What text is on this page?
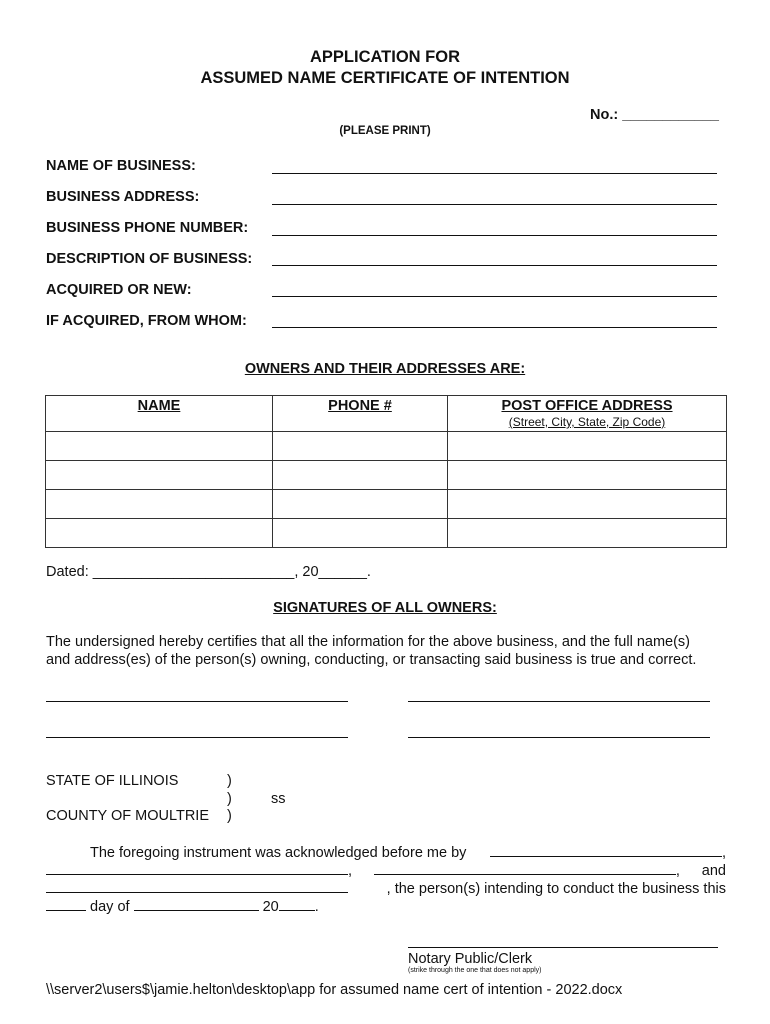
APPLICATION FOR
ASSUMED NAME CERTIFICATE OF INTENTION
No.: ____________
(PLEASE PRINT)
NAME OF BUSINESS:
BUSINESS ADDRESS:
BUSINESS PHONE NUMBER:
DESCRIPTION OF BUSINESS:
ACQUIRED OR NEW:
IF ACQUIRED, FROM WHOM:
OWNERS AND THEIR ADDRESSES ARE:
NAME	PHONE #	POST OFFICE ADDRESS
(Street, City, State, Zip Code)

Dated: _________________________, 20______.
SIGNATURES OF ALL OWNERS:
The undersigned hereby certifies that all the information for the above business, and the full name(s)
and address(es) of the person(s) owning, conducting, or transacting said business is true and correct.
STATE OF ILLINOIS	)
)	ss
COUNTY OF MOULTRIE )
The foregoing instrument was acknowledged before me by	,
,	, and
, the person(s) intending to conduct the business this
day of	20 .
Notary Public/Clerk
(strike through the one that does not apply)
\\server2\users$\jamie.helton\desktop\app for assumed name cert of intention - 2022.docx
